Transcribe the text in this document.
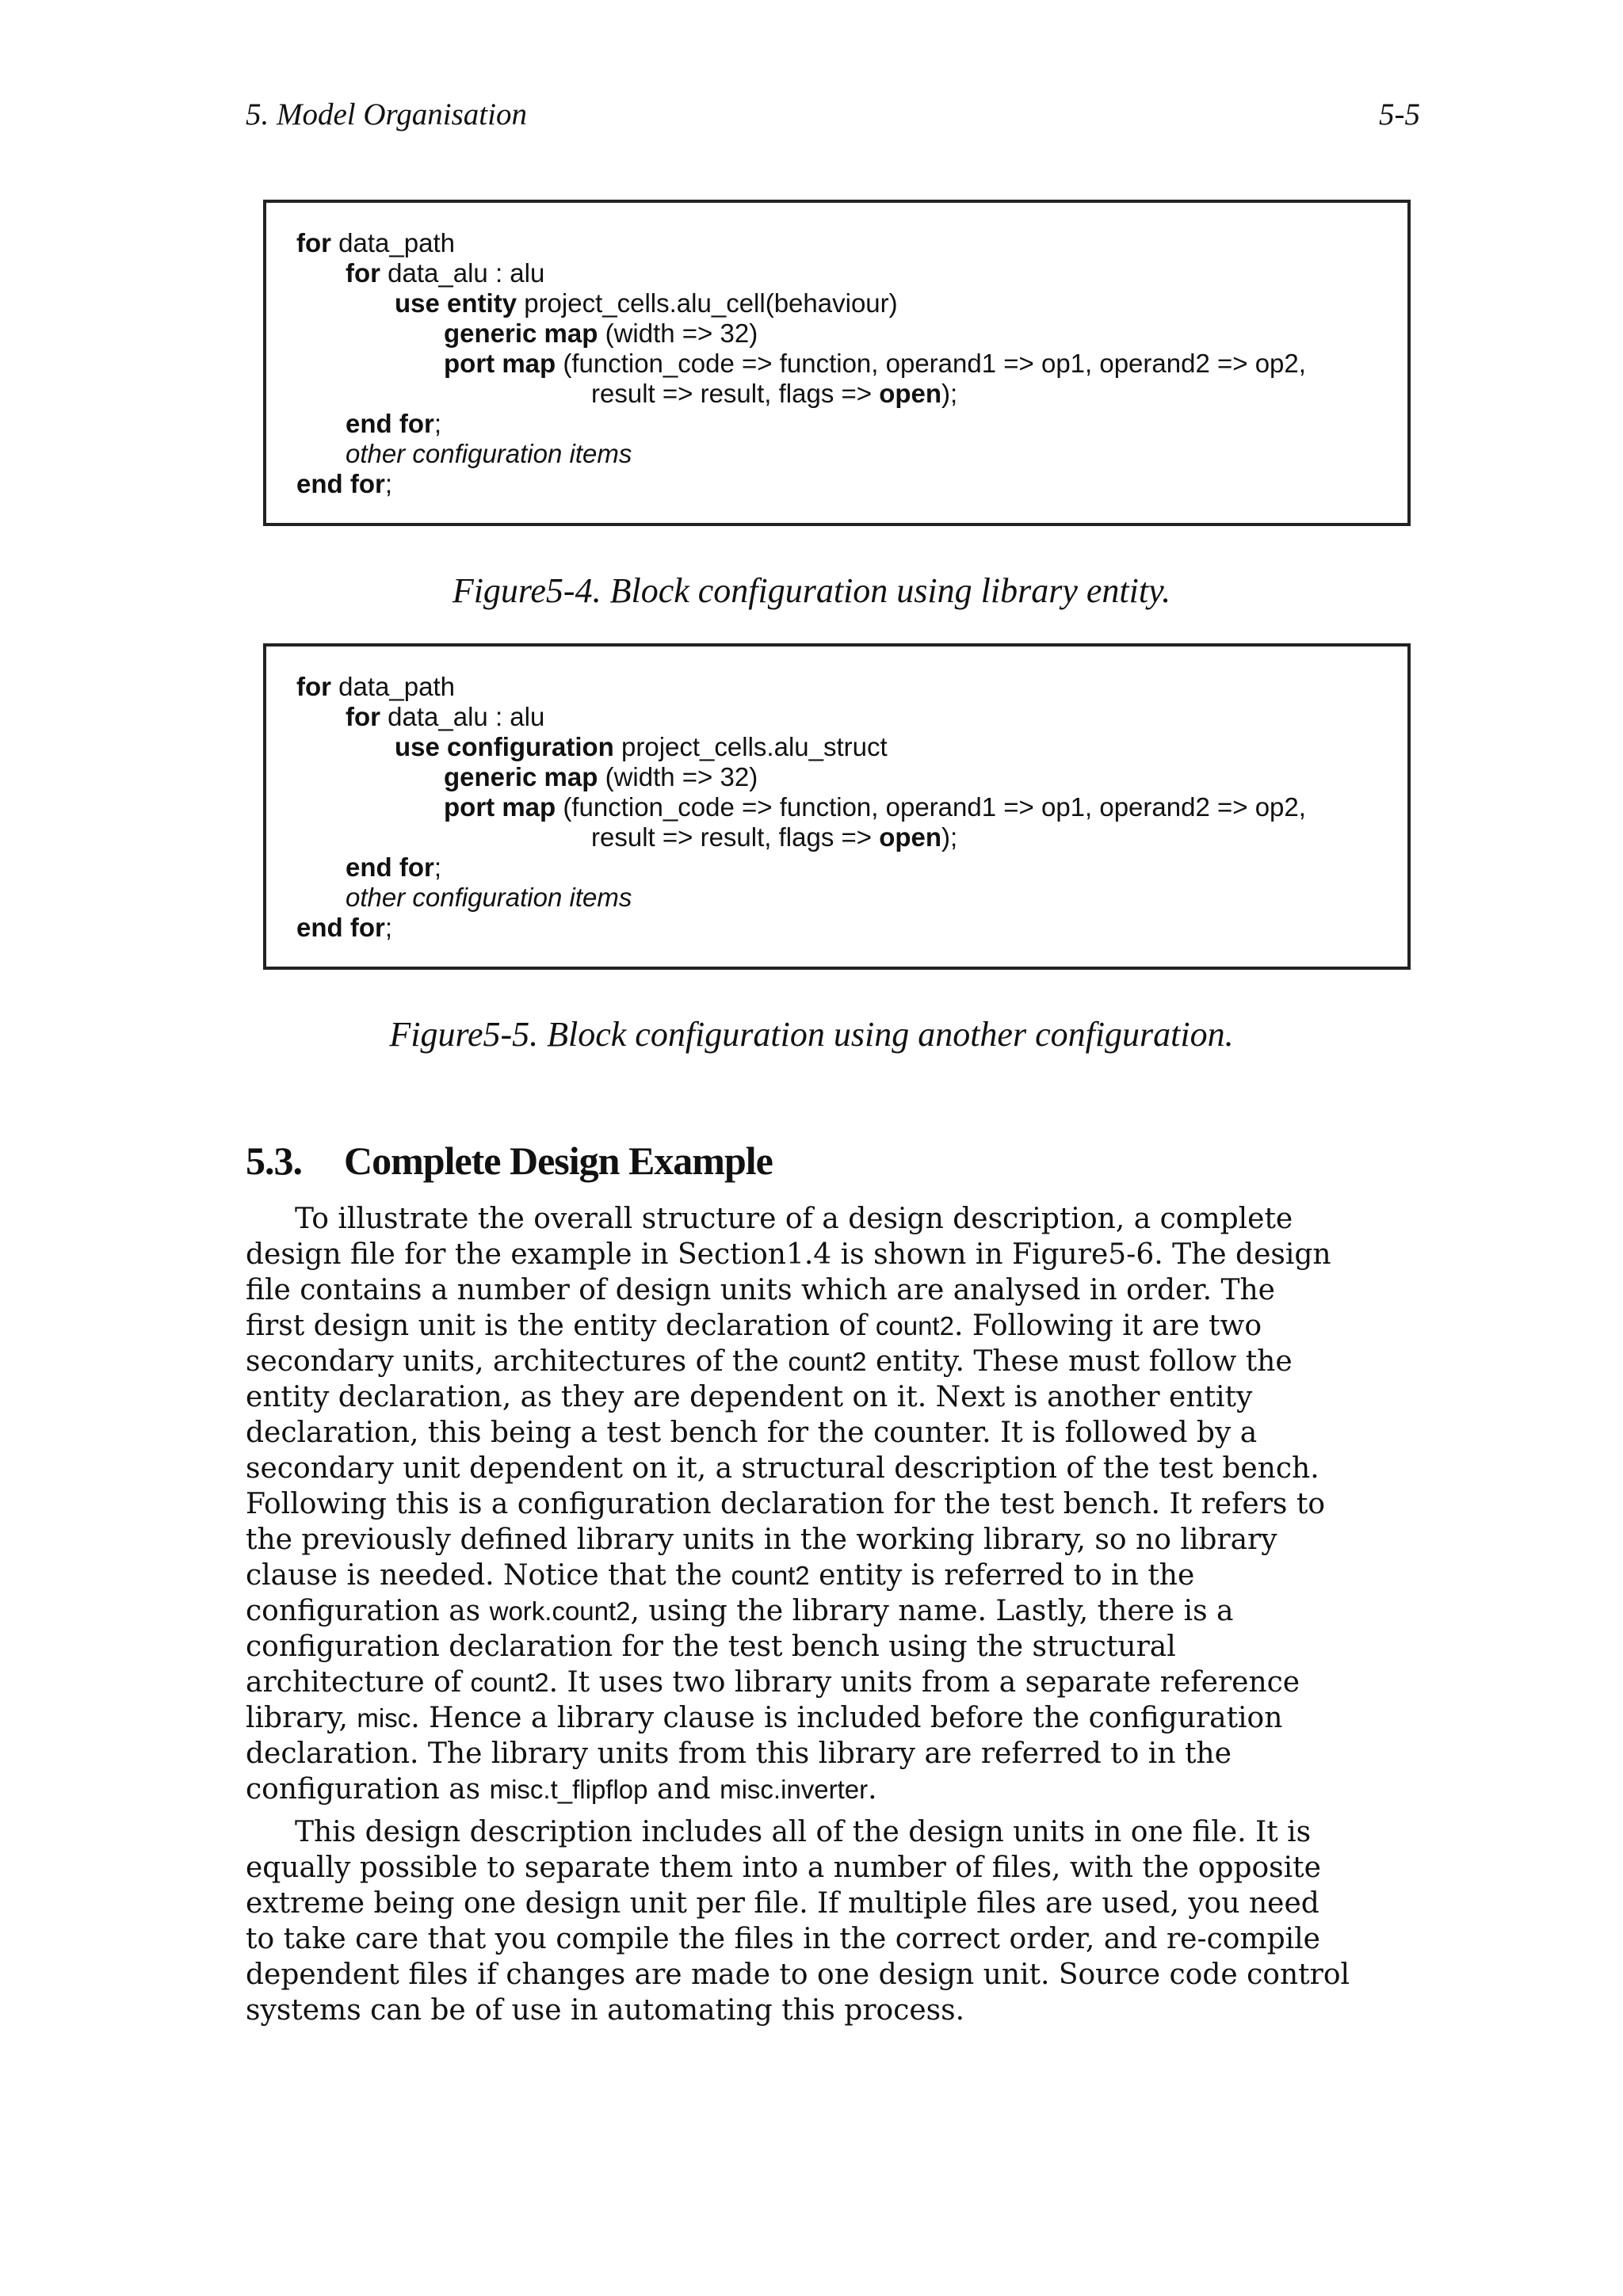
5. Model Organisation	5-5
for data_path
for data_alu : alu
use entity project_cells.alu_cell(behaviour)
generic map (width => 32)
port map (function_code => function, operand1 => op1, operand2 => op2,
result => result, flags => open);
end for;
other configuration items
end for;
Figure5-4. Block configuration using library entity.
for data_path
for data_alu : alu
use configuration project_cells.alu_struct
generic map (width => 32)
port map (function_code => function, operand1 => op1, operand2 => op2,
result => result, flags => open);
end for;
other configuration items
end for;
Figure5-5. Block configuration using another configuration.
5.3. Complete Design Example
To illustrate the overall structure of a design description, a complete
design file for the example in Section1.4 is shown in Figure5-6. The design
file contains a number of design units which are analysed in order. The
first design unit is the entity declaration of count2. Following it are two
secondary units, architectures of the count2 entity. These must follow the
entity declaration, as they are dependent on it. Next is another entity
declaration, this being a test bench for the counter. It is followed by a
secondary unit dependent on it, a structural description of the test bench.
Following this is a configuration declaration for the test bench. It refers to
the previously defined library units in the working library, so no library
clause is needed. Notice that the count2 entity is referred to in the
configuration as work.count2, using the library name. Lastly, there is a
configuration declaration for the test bench using the structural
architecture of count2. It uses two library units from a separate reference
library, misc. Hence a library clause is included before the configuration
declaration. The library units from this library are referred to in the
configuration as misc.t_flipflop and misc.inverter.
This design description includes all of the design units in one file. It is
equally possible to separate them into a number of files, with the opposite
extreme being one design unit per file. If multiple files are used, you need
to take care that you compile the files in the correct order, and re-compile
dependent files if changes are made to one design unit. Source code control
systems can be of use in automating this process.
